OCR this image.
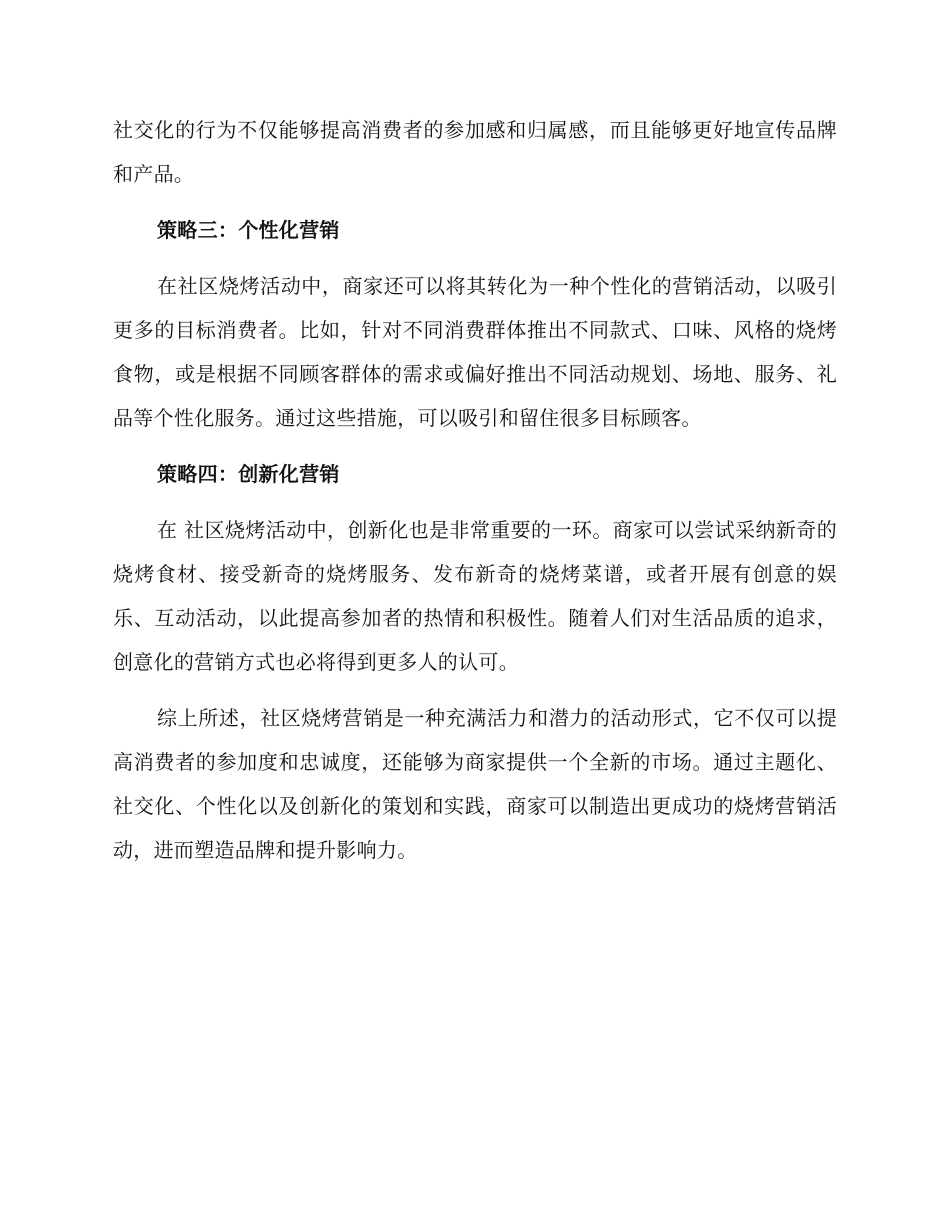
社交化的行为不仅能够提高消费者的参加感和归属感，而且能够更好地宣传品牌和产品。

策略三：个性化营销

在社区烧烤活动中，商家还可以将其转化为一种个性化的营销活动，以吸引更多的目标消费者。比如，针对不同消费群体推出不同款式、口味、风格的烧烤食物，或是根据不同顾客群体的需求或偏好推出不同活动规划、场地、服务、礼品等个性化服务。通过这些措施，可以吸引和留住很多目标顾客。

策略四：创新化营销

在 社区烧烤活动中，创新化也是非常重要的一环。商家可以尝试采纳新奇的烧烤食材、接受新奇的烧烤服务、发布新奇的烧烤菜谱，或者开展有创意的娱乐、互动活动，以此提高参加者的热情和积极性。随着人们对生活品质的追求，创意化的营销方式也必将得到更多人的认可。

综上所述，社区烧烤营销是一种充满活力和潜力的活动形式，它不仅可以提高消费者的参加度和忠诚度，还能够为商家提供一个全新的市场。通过主题化、社交化、个性化以及创新化的策划和实践，商家可以制造出更成功的烧烤营销活动，进而塑造品牌和提升影响力。
